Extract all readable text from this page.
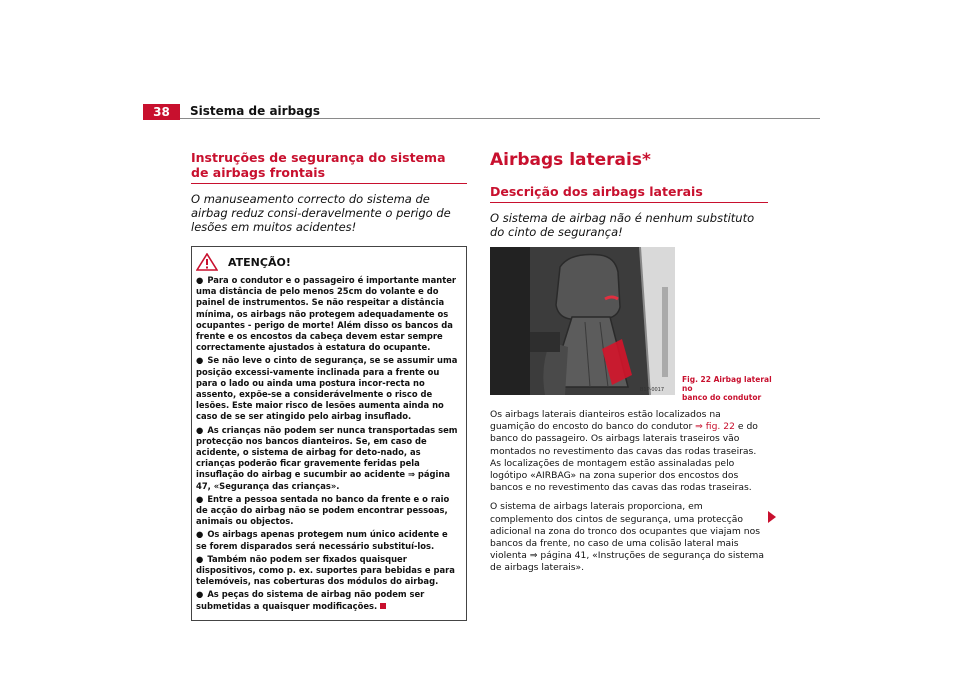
38	Sistema de airbags
Instruções de segurança do sistema de airbags frontais
O manuseamento correcto do sistema de airbag reduz consi-deravelmente o perigo de lesões em muitos acidentes!
ATENÇÃO!
● Para o condutor e o passageiro é importante manter uma distância de pelo menos 25cm do volante e do painel de instrumentos. Se não respeitar a distância mínima, os airbags não protegem adequadamente os ocupantes - perigo de morte! Além disso os bancos da frente e os encostos da cabeça devem estar sempre correctamente ajustados à estatura do ocupante.
● Se não leve o cinto de segurança, se se assumir uma posição excessi-vamente inclinada para a frente ou para o lado ou ainda uma postura incor-recta no assento, expõe-se a considerávelmente o risco de lesões. Este maior risco de lesões aumenta ainda no caso de se ser atingido pelo airbag insuflado.
● As crianças não podem ser nunca transportadas sem protecção nos bancos dianteiros. Se, em caso de acidente, o sistema de airbag for deto-nado, as crianças poderão ficar gravemente feridas pela insuflação do airbag e sucumbir ao acidente ⇒ página 47, «Segurança das crianças».
● Entre a pessoa sentada no banco da frente e o raio de acção do airbag não se podem encontrar pessoas, animais ou objectos.
● Os airbags apenas protegem num único acidente e se forem disparados será necessário substituí-los.
● Também não podem ser fixados quaisquer dispositivos, como p. ex. suportes para bebidas e para telemóveis, nas coberturas dos módulos do airbag.
● As peças do sistema de airbag não podem ser submetidas a quaisquer modificações.
Airbags laterais*
Descrição dos airbags laterais
O sistema de airbag não é nenhum substituto do cinto de segurança!
B1P-0017
Fig. 22 Airbag lateral no
banco do condutor

Os airbags laterais dianteiros estão localizados na guamição do encosto do banco do condutor ⇒ fig. 22 e do banco do passageiro. Os airbags laterais traseiros vão montados no revestimento das cavas das rodas traseiras. As localizações de montagem estão assinaladas pelo logótipo «AIRBAG» na zona superior dos encostos dos bancos e no revestimento das cavas das rodas traseiras.

O sistema de airbags laterais proporciona, em complemento dos cintos de segurança, uma protecção adicional na zona do tronco dos ocupantes que viajam nos bancos da frente, no caso de uma colisão lateral mais violenta ⇒ página 41, «Instruções de segurança do sistema de airbags laterais».
